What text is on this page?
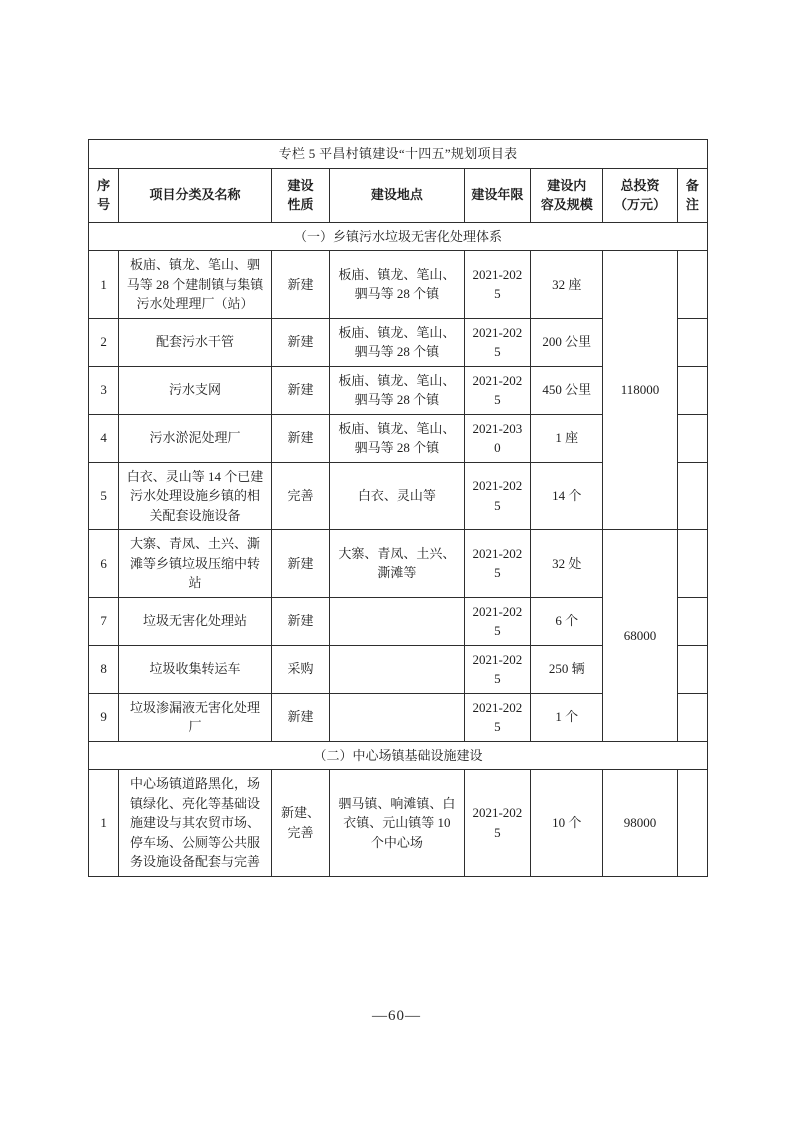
专栏 5 平昌村镇建设“十四五”规划项目表							
序号	项目分类及名称	建设性质	建设地点	建设年限	建设内容及规模	总投资（万元）	备注
（一）乡镇污水垃圾无害化处理体系							
1	板庙、镇龙、笔山、驷马等 28 个建制镇与集镇污水处理理厂（站）	新建	板庙、镇龙、笔山、驷马等 28 个镇	2021-2025	32 座	118000	
2	配套污水干管	新建	板庙、镇龙、笔山、驷马等 28 个镇	2021-2025	200 公里		
3	污水支网	新建	板庙、镇龙、笔山、驷马等 28 个镇	2021-2025	450 公里		
4	污水淤泥处理厂	新建	板庙、镇龙、笔山、驷马等 28 个镇	2021-2030	1 座		
5	白衣、灵山等 14 个已建污水处理设施乡镇的相关配套设施设备	完善	白衣、灵山等	2021-2025	14 个		
6	大寨、青凤、土兴、澌滩等乡镇垃圾压缩中转站	新建	大寨、青凤、土兴、澌滩等	2021-2025	32 处	68000	
7	垃圾无害化处理站	新建		2021-2025	6 个		
8	垃圾收集转运车	采购		2021-2025	250 辆		
9	垃圾渗漏液无害化处理厂	新建		2021-2025	1 个		
（二）中心场镇基础设施建设							
1	中心场镇道路黑化，场镇绿化、亮化等基础设施建设与其农贸市场、停车场、公厕等公共服务设施设备配套与完善	新建、完善	驷马镇、响滩镇、白衣镇、元山镇等 10 个中心场	2021-2025	10 个	98000	
—60—
